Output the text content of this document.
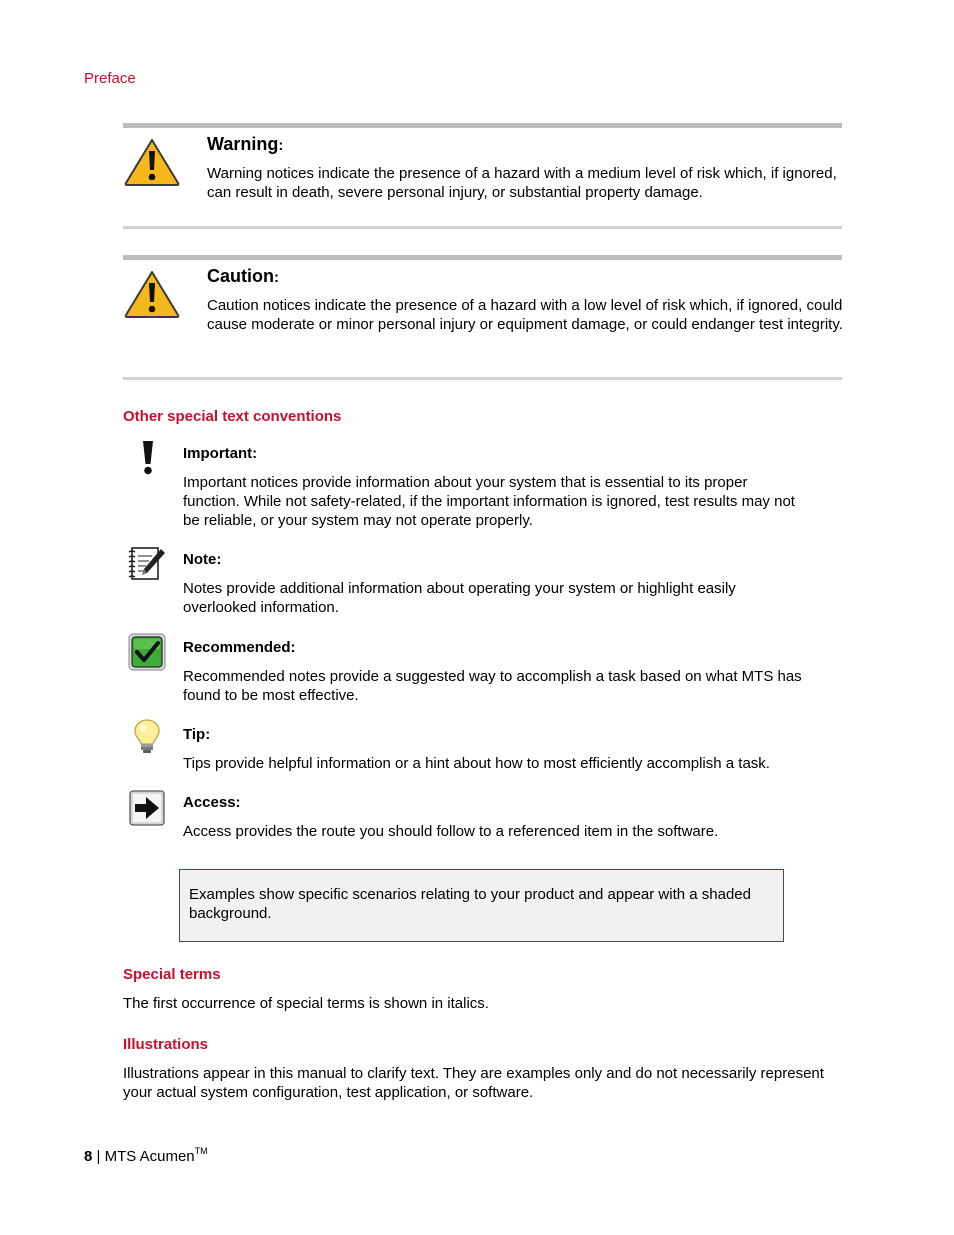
Preface
Warning:
Warning notices indicate the presence of a hazard with a medium level of risk which, if ignored, can result in death, severe personal injury, or substantial property damage.
Caution:
Caution notices indicate the presence of a hazard with a low level of risk which, if ignored, could cause moderate or minor personal injury or equipment damage, or could endanger test integrity.
Other special text conventions
Important:
Important notices provide information about your system that is essential to its proper function. While not safety-related, if the important information is ignored, test results may not be reliable, or your system may not operate properly.
Note:
Notes provide additional information about operating your system or highlight easily overlooked information.
Recommended:
Recommended notes provide a suggested way to accomplish a task based on what MTS has found to be most effective.
Tip:
Tips provide helpful information or a hint about how to most efficiently accomplish a task.
Access:
Access provides the route you should follow to a referenced item in the software.
Examples show specific scenarios relating to your product and appear with a shaded background.
Special terms
The first occurrence of special terms is shown in italics.
Illustrations
Illustrations appear in this manual to clarify text. They are examples only and do not necessarily represent your actual system configuration, test application, or software.
8 | MTS Acumen™
